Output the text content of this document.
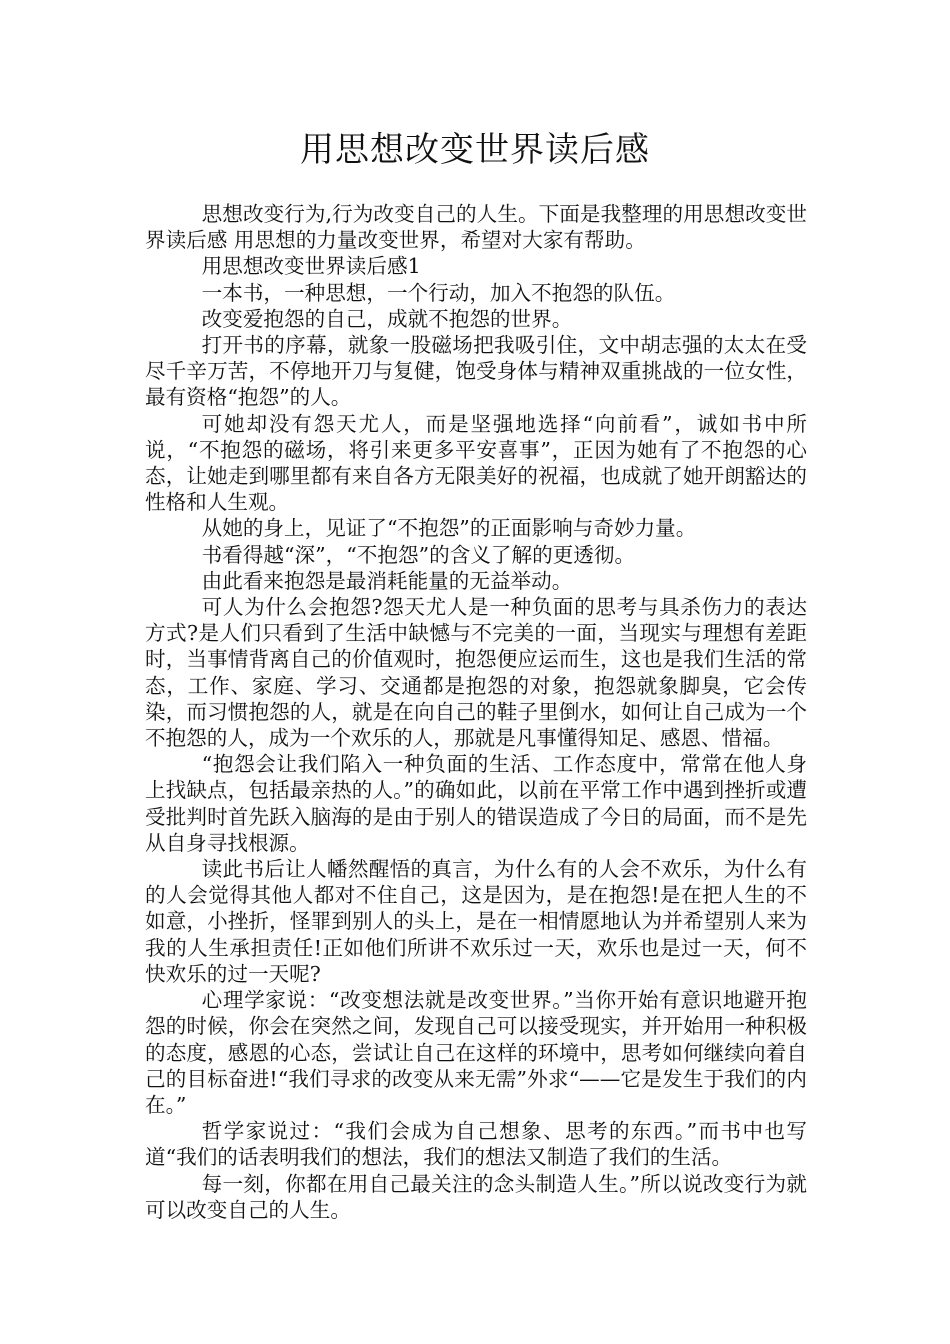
用思想改变世界读后感

思想改变行为,行为改变自己的人生。下面是我整理的用思想改变世界读后感 用思想的力量改变世界，希望对大家有帮助。

用思想改变世界读后感1

一本书，一种思想，一个行动，加入不抱怨的队伍。

改变爱抱怨的自己，成就不抱怨的世界。

打开书的序幕，就象一股磁场把我吸引住，文中胡志强的太太在受尽千辛万苦，不停地开刀与复健，饱受身体与精神双重挑战的一位女性，最有资格“抱怨”的人。

可她却没有怨天尤人，而是坚强地选择“向前看”，诚如书中所说，“不抱怨的磁场，将引来更多平安喜事”，正因为她有了不抱怨的心态，让她走到哪里都有来自各方无限美好的祝福，也成就了她开朗豁达的性格和人生观。

从她的身上，见证了“不抱怨”的正面影响与奇妙力量。

书看得越“深”，“不抱怨”的含义了解的更透彻。

由此看来抱怨是最消耗能量的无益举动。

可人为什么会抱怨?怨天尤人是一种负面的思考与具杀伤力的表达方式?是人们只看到了生活中缺憾与不完美的一面，当现实与理想有差距时，当事情背离自己的价值观时，抱怨便应运而生，这也是我们生活的常态，工作、家庭、学习、交通都是抱怨的对象，抱怨就象脚臭，它会传染，而习惯抱怨的人，就是在向自己的鞋子里倒水，如何让自己成为一个不抱怨的人，成为一个欢乐的人，那就是凡事懂得知足、感恩、惜福。

“抱怨会让我们陷入一种负面的生活、工作态度中，常常在他人身上找缺点，包括最亲热的人。”的确如此，以前在平常工作中遇到挫折或遭受批判时首先跃入脑海的是由于别人的错误造成了今日的局面，而不是先从自身寻找根源。

读此书后让人幡然醒悟的真言，为什么有的人会不欢乐，为什么有的人会觉得其他人都对不住自己，这是因为，是在抱怨!是在把人生的不如意，小挫折，怪罪到别人的头上，是在一相情愿地认为并希望别人来为我的人生承担责任!正如他们所讲不欢乐过一天，欢乐也是过一天，何不快欢乐的过一天呢?

心理学家说：“改变想法就是改变世界。”当你开始有意识地避开抱怨的时候，你会在突然之间，发现自己可以接受现实，并开始用一种积极的态度，感恩的心态，尝试让自己在这样的环境中，思考如何继续向着自己的目标奋进!“我们寻求的改变从来无需”外求“——它是发生于我们的内在。”

哲学家说过：“我们会成为自己想象、思考的东西。”而书中也写道“我们的话表明我们的想法，我们的想法又制造了我们的生活。

每一刻，你都在用自己最关注的念头制造人生。”所以说改变行为就可以改变自己的人生。
